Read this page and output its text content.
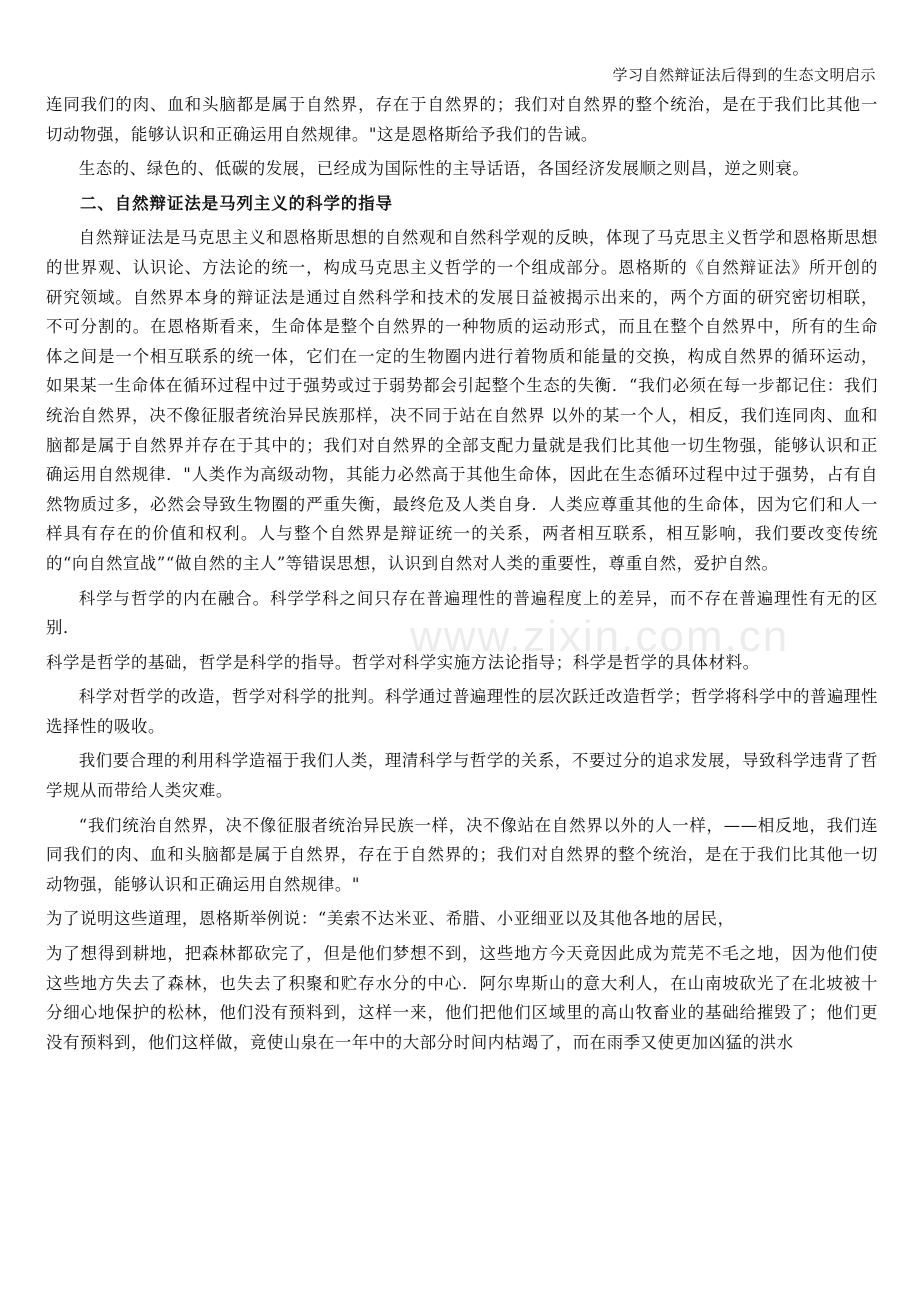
学习自然辩证法后得到的生态文明启示
www.zixin.com.cn

连同我们的肉、血和头脑都是属于自然界，存在于自然界的；我们对自然界的整个统治，是在于我们比其他一切动物强，能够认识和正确运用自然规律。"这是恩格斯给予我们的告诫。

生态的、绿色的、低碳的发展，已经成为国际性的主导话语，各国经济发展顺之则昌，逆之则衰。

二、自然辩证法是马列主义的科学的指导

自然辩证法是马克思主义和恩格斯思想的自然观和自然科学观的反映，体现了马克思主义哲学和恩格斯思想的世界观、认识论、方法论的统一，构成马克思主义哲学的一个组成部分。恩格斯的《自然辩证法》所开创的研究领域。自然界本身的辩证法是通过自然科学和技术的发展日益被揭示出来的，两个方面的研究密切相联，不可分割的。在恩格斯看来，生命体是整个自然界的一种物质的运动形式，而且在整个自然界中，所有的生命体之间是一个相互联系的统一体，它们在一定的生物圈内进行着物质和能量的交换，构成自然界的循环运动，如果某一生命体在循环过程中过于强势或过于弱势都会引起整个生态的失衡．“我们必须在每一步都记住：我们统治自然界，决不像征服者统治异民族那样，决不同于站在自然界 以外的某一个人，相反，我们连同肉、血和脑都是属于自然界并存在于其中的；我们对自然界的全部支配力量就是我们比其他一切生物强，能够认识和正确运用自然规律．"人类作为高级动物，其能力必然高于其他生命体，因此在生态循环过程中过于强势，占有自然物质过多，必然会导致生物圈的严重失衡，最终危及人类自身．人类应尊重其他的生命体，因为它们和人一样具有存在的价值和权利。人与整个自然界是辩证统一的关系，两者相互联系，相互影响，我们要改变传统的“向自然宣战”“做自然的主人”等错误思想，认识到自然对人类的重要性，尊重自然，爱护自然。

科学与哲学的内在融合。科学学科之间只存在普遍理性的普遍程度上的差异，而不存在普遍理性有无的区别．

科学是哲学的基础，哲学是科学的指导。哲学对科学实施方法论指导；科学是哲学的具体材料。

科学对哲学的改造，哲学对科学的批判。科学通过普遍理性的层次跃迁改造哲学；哲学将科学中的普遍理性选择性的吸收。

我们要合理的利用科学造福于我们人类，理清科学与哲学的关系，不要过分的追求发展，导致科学违背了哲学规从而带给人类灾难。

“我们统治自然界，决不像征服者统治异民族一样，决不像站在自然界以外的人一样，——相反地，我们连同我们的肉、血和头脑都是属于自然界，存在于自然界的；我们对自然界的整个统治，是在于我们比其他一切动物强，能够认识和正确运用自然规律。"

为了说明这些道理，恩格斯举例说：“美索不达米亚、希腊、小亚细亚以及其他各地的居民，

为了想得到耕地，把森林都砍完了，但是他们梦想不到，这些地方今天竟因此成为荒芜不毛之地，因为他们使这些地方失去了森林，也失去了积聚和贮存水分的中心．阿尔卑斯山的意大利人，在山南坡砍光了在北坡被十分细心地保护的松林，他们没有预料到，这样一来，他们把他们区域里的高山牧畜业的基础给摧毁了；他们更没有预料到，他们这样做，竟使山泉在一年中的大部分时间内枯竭了，而在雨季又使更加凶猛的洪水
